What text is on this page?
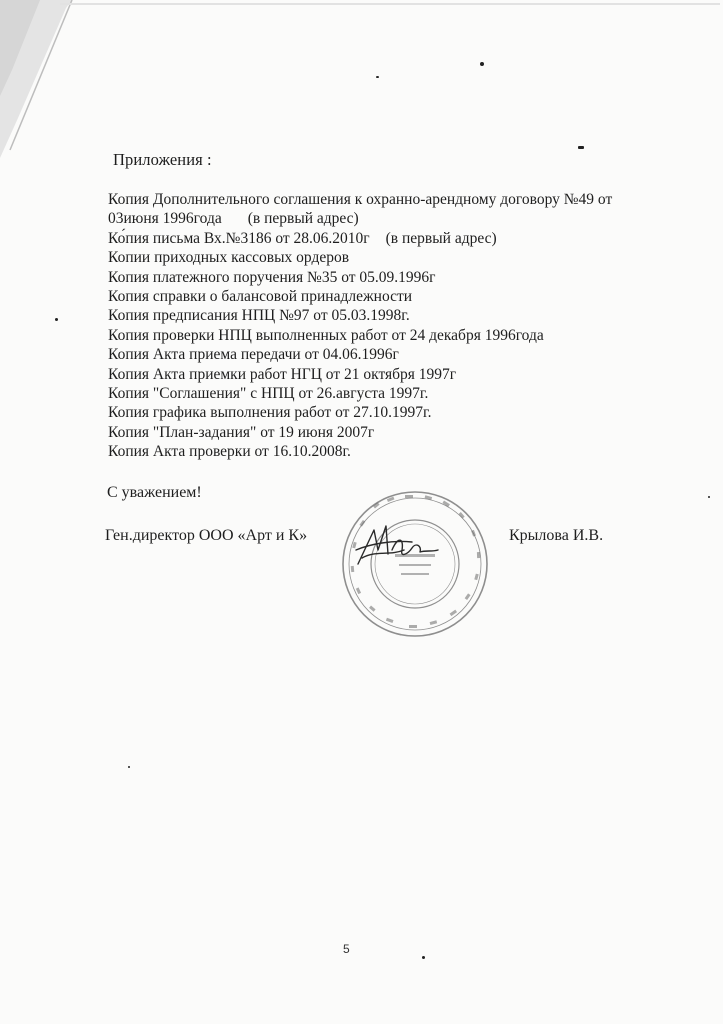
Приложения :
Копия Дополнительного соглашения к охранно-арендному договору №49 от
03июня 1996года (в первый адрес)
Ко́пия письма Вх.№3186 от 28.06.2010г (в первый адрес)
Копии приходных кассовых ордеров
Копия платежного поручения №35 от 05.09.1996г
Копия справки о балансовой принадлежности
Копия предписания НПЦ №97 от 05.03.1998г.
Копия проверки НПЦ выполненных работ от 24 декабря 1996года
Копия Акта приема передачи от 04.06.1996г
Копия Акта приемки работ НГЦ от 21 октября 1997г
Копия "Соглашения" с НПЦ от 26.августа 1997г.
Копия графика выполнения работ от 27.10.1997г.
Копия "План-задания" от 19 июня 2007г
Копия Акта проверки от 16.10.2008г.
С уважением!
Ген.директор ООО «Арт и К»	Крылова И.В.
5
